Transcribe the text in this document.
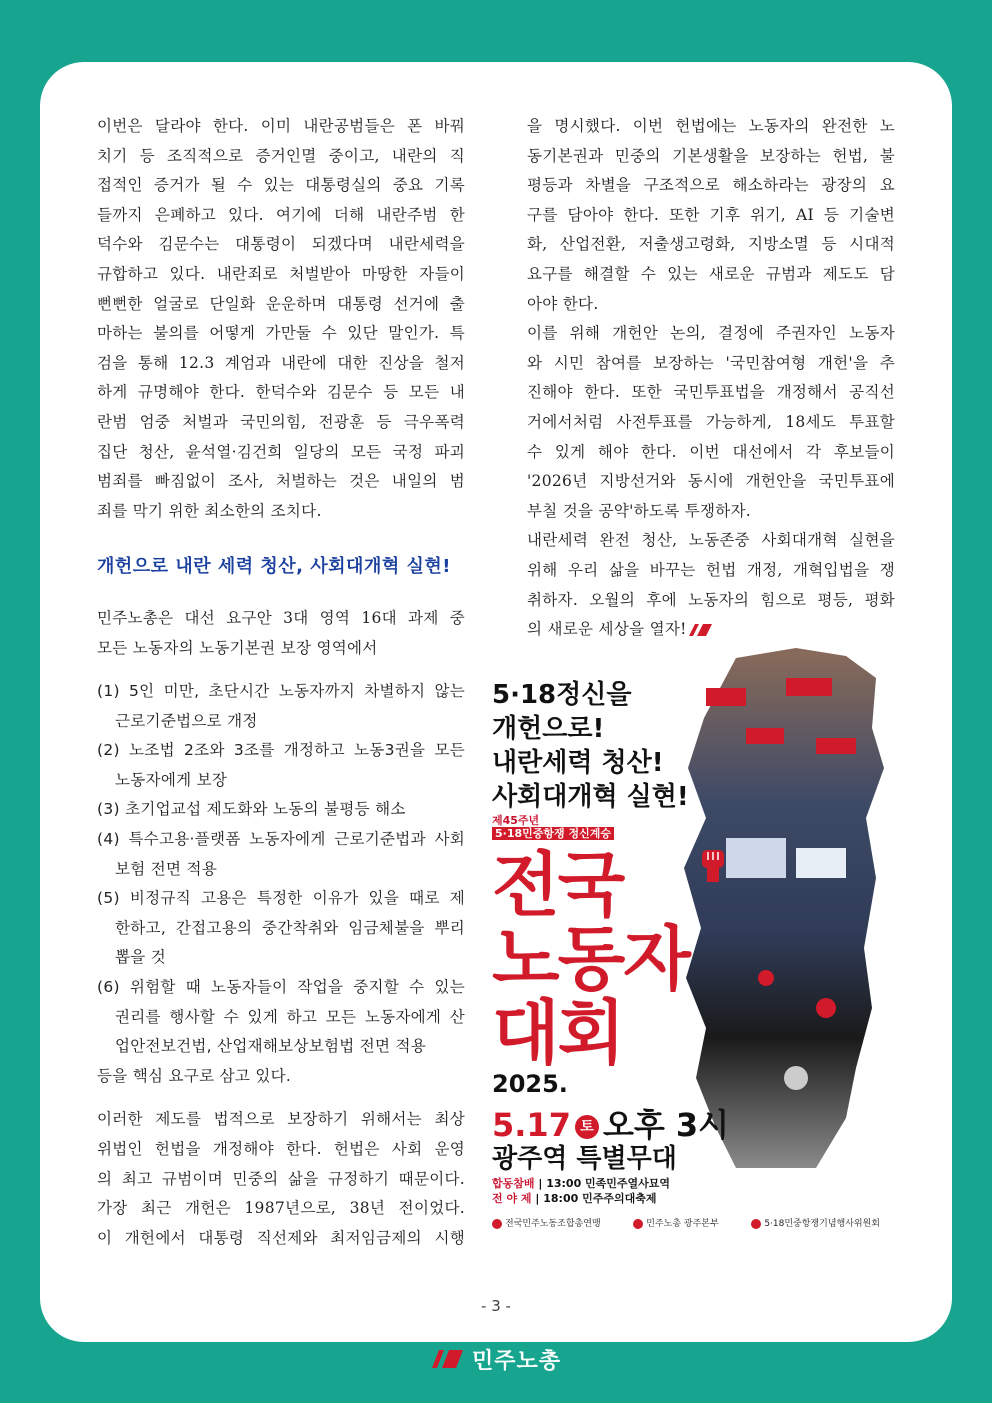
이번은 달라야 한다. 이미 내란공범들은 폰 바꿔
치기 등 조직적으로 증거인멸 중이고, 내란의 직
접적인 증거가 될 수 있는 대통령실의 중요 기록
들까지 은폐하고 있다. 여기에 더해 내란주범 한
덕수와 김문수는 대통령이 되겠다며 내란세력을
규합하고 있다. 내란죄로 처벌받아 마땅한 자들이
뻔뻔한 얼굴로 단일화 운운하며 대통령 선거에 출
마하는 불의를 어떻게 가만둘 수 있단 말인가. 특
검을 통해 12.3 계엄과 내란에 대한 진상을 철저
하게 규명해야 한다. 한덕수와 김문수 등 모든 내
란범 엄중 처벌과 국민의힘, 전광훈 등 극우폭력
집단 청산, 윤석열·김건희 일당의 모든 국정 파괴
범죄를 빠짐없이 조사, 처벌하는 것은 내일의 범
죄를 막기 위한 최소한의 조치다.
개헌으로 내란 세력 청산, 사회대개혁 실현!
민주노총은 대선 요구안 3대 영역 16대 과제 중
모든 노동자의 노동기본권 보장 영역에서
(1) 5인 미만, 초단시간 노동자까지 차별하지 않는
근로기준법으로 개정
(2) 노조법 2조와 3조를 개정하고 노동3권을 모든
노동자에게 보장
(3) 초기업교섭 제도화와 노동의 불평등 해소
(4) 특수고용·플랫폼 노동자에게 근로기준법과 사회
보험 전면 적용
(5) 비정규직 고용은 특정한 이유가 있을 때로 제
한하고, 간접고용의 중간착취와 임금체불을 뿌리
뽑을 것
(6) 위험할 때 노동자들이 작업을 중지할 수 있는
권리를 행사할 수 있게 하고 모든 노동자에게 산
업안전보건법, 산업재해보상보험법 전면 적용
등을 핵심 요구로 삼고 있다.
이러한 제도를 법적으로 보장하기 위해서는 최상
위법인 헌법을 개정해야 한다. 헌법은 사회 운영
의 최고 규범이며 민중의 삶을 규정하기 때문이다.
가장 최근 개헌은 1987년으로, 38년 전이었다.
이 개헌에서 대통령 직선제와 최저임금제의 시행
을 명시했다. 이번 헌법에는 노동자의 완전한 노
동기본권과 민중의 기본생활을 보장하는 헌법, 불
평등과 차별을 구조적으로 해소하라는 광장의 요
구를 담아야 한다. 또한 기후 위기, AI 등 기술변
화, 산업전환, 저출생고령화, 지방소멸 등 시대적
요구를 해결할 수 있는 새로운 규범과 제도도 담
아야 한다.
이를 위해 개헌안 논의, 결정에 주권자인 노동자
와 시민 참여를 보장하는 '국민참여형 개헌'을 추
진해야 한다. 또한 국민투표법을 개정해서 공직선
거에서처럼 사전투표를 가능하게, 18세도 투표할
수 있게 해야 한다. 이번 대선에서 각 후보들이
'2026년 지방선거와 동시에 개헌안을 국민투표에
부칠 것을 공약'하도록 투쟁하자.
내란세력 완전 청산, 노동존중 사회대개혁 실현을
위해 우리 삶을 바꾸는 헌법 개정, 개혁입법을 쟁
취하자. 오월의 후에 노동자의 힘으로 평등, 평화
의 새로운 세상을 열자!
5·18정신을
개헌으로!
내란세력 청산!
사회대개혁 실현!
제45주년
5·18민중항쟁 정신계승
전국
노동자
대회
2025.
5.17 토 오후 3시
광주역 특별무대
합동참배 | 13:00 민족민주열사묘역
전 야 제 | 18:00 민주주의대축제
전국민주노동조합총연맹	민주노총 광주본부	5·18민중항쟁기념행사위원회
- 3 -
민주노총
